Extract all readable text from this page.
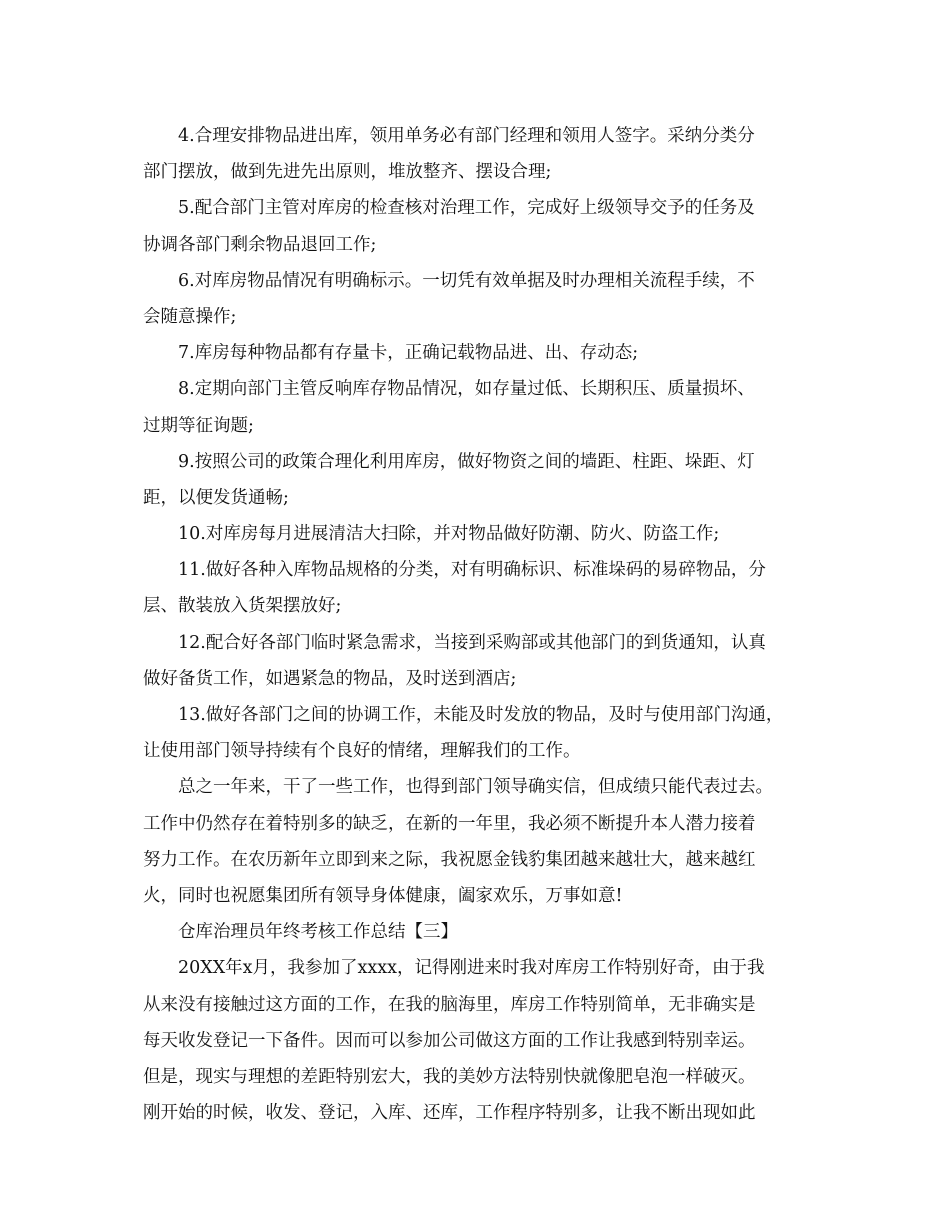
4.合理安排物品进出库，领用单务必有部门经理和领用人签字。采纳分类分
部门摆放，做到先进先出原则，堆放整齐、摆设合理;
5.配合部门主管对库房的检查核对治理工作，完成好上级领导交予的任务及
协调各部门剩余物品退回工作;
6.对库房物品情况有明确标示。一切凭有效单据及时办理相关流程手续，不
会随意操作;
7.库房每种物品都有存量卡，正确记载物品进、出、存动态;
8.定期向部门主管反响库存物品情况，如存量过低、长期积压、质量损坏、
过期等征询题;
9.按照公司的政策合理化利用库房，做好物资之间的墙距、柱距、垛距、灯
距，以便发货通畅;
10.对库房每月进展清洁大扫除，并对物品做好防潮、防火、防盗工作;
11.做好各种入库物品规格的分类，对有明确标识、标准垛码的易碎物品，分
层、散装放入货架摆放好;
12.配合好各部门临时紧急需求，当接到采购部或其他部门的到货通知，认真
做好备货工作，如遇紧急的物品，及时送到酒店;
13.做好各部门之间的协调工作，未能及时发放的物品，及时与使用部门沟通，
让使用部门领导持续有个良好的情绪，理解我们的工作。
总之一年来，干了一些工作，也得到部门领导确实信，但成绩只能代表过去。
工作中仍然存在着特别多的缺乏，在新的一年里，我必须不断提升本人潜力接着
努力工作。在农历新年立即到来之际，我祝愿金钱豹集团越来越壮大，越来越红
火，同时也祝愿集团所有领导身体健康，阖家欢乐，万事如意!
仓库治理员年终考核工作总结【三】
20XX年x月，我参加了xxxx，记得刚进来时我对库房工作特别好奇，由于我
从来没有接触过这方面的工作，在我的脑海里，库房工作特别简单，无非确实是
每天收发登记一下备件。因而可以参加公司做这方面的工作让我感到特别幸运。
但是，现实与理想的差距特别宏大，我的美妙方法特别快就像肥皂泡一样破灭。
刚开始的时候，收发、登记，入库、还库，工作程序特别多，让我不断出现如此
